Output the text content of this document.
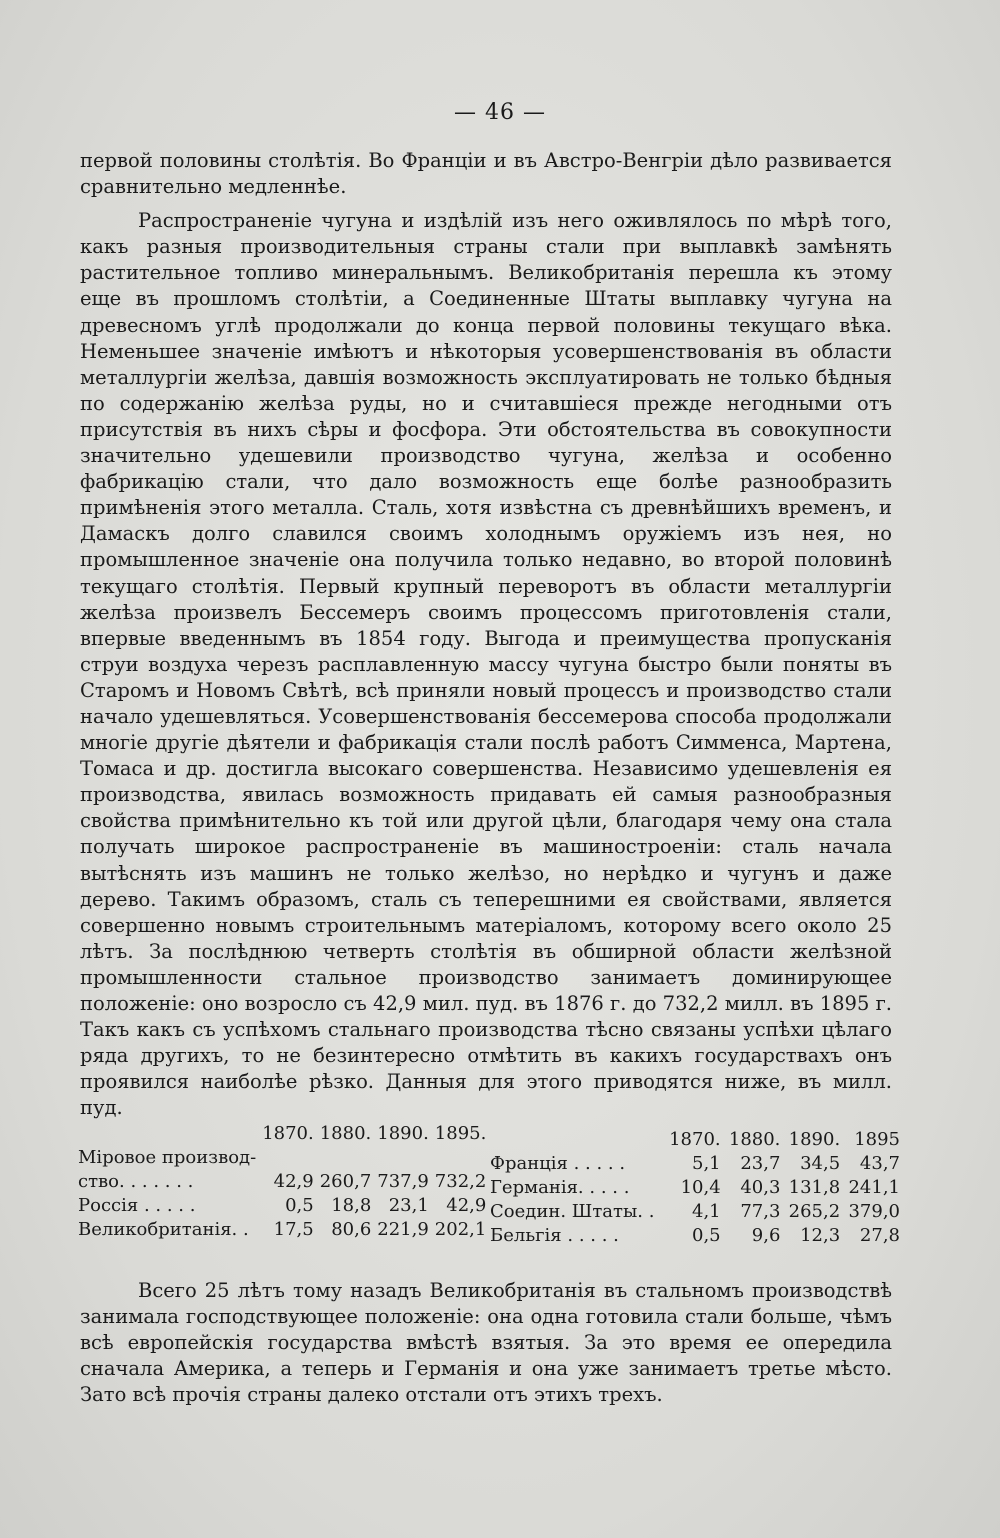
— 46 —

первой половины столѣтія. Во Франціи и въ Австро-Венгріи дѣло развивается сравнительно медленнѣе.

Распространеніе чугуна и издѣлій изъ него оживлялось по мѣрѣ того, какъ разныя производительныя страны стали при выплавкѣ замѣнять растительное топливо минеральнымъ. Великобританія перешла къ этому еще въ прошломъ столѣтіи, а Соединенные Штаты выплавку чугуна на древесномъ углѣ продолжали до конца первой половины текущаго вѣка. Неменьшее значеніе имѣютъ и нѣкоторыя усовершенствованія въ области металлургіи желѣза, давшія возможность эксплуатировать не только бѣдныя по содержанію желѣза руды, но и считавшіеся прежде негодными отъ присутствія въ нихъ сѣры и фосфора. Эти обстоятельства въ совокупности значительно удешевили производство чугуна, желѣза и особенно фабрикацію стали, что дало возможность еще болѣе разнообразить примѣненія этого металла. Сталь, хотя извѣстна съ древнѣйшихъ временъ, и Дамаскъ долго славился своимъ холоднымъ оружіемъ изъ нея, но промышленное значеніе она получила только недавно, во второй половинѣ текущаго столѣтія. Первый крупный переворотъ въ области металлургіи желѣза произвелъ Бессемеръ своимъ процессомъ приготовленія стали, впервые введеннымъ въ 1854 году. Выгода и преимущества пропусканія струи воздуха черезъ расплавленную массу чугуна быстро были поняты въ Старомъ и Новомъ Свѣтѣ, всѣ приняли новый процессъ и производство стали начало удешевляться. Усовершенствованія бессемерова способа продолжали многіе другіе дѣятели и фабрикація стали послѣ работъ Симменса, Мартена, Томаса и др. достигла высокаго совершенства. Независимо удешевленія ея производства, явилась возможность придавать ей самыя разнообразныя свойства примѣнительно къ той или другой цѣли, благодаря чему она стала получать широкое распространеніе въ машиностроеніи: сталь начала вытѣснять изъ машинъ не только желѣзо, но нерѣдко и чугунъ и даже дерево. Такимъ образомъ, сталь съ теперешними ея свойствами, является совершенно новымъ строительнымъ матеріаломъ, которому всего около 25 лѣтъ. За послѣднюю четверть столѣтія въ обширной области желѣзной промышленности стальное производство занимаетъ доминирующее положеніе: оно возросло съ 42,9 мил. пуд. въ 1876 г. до 732,2 милл. въ 1895 г. Такъ какъ съ успѣхомъ стальнаго производства тѣсно связаны успѣхи цѣлаго ряда другихъ, то не безинтересно отмѣтить въ какихъ государствахъ онъ проявился наиболѣе рѣзко. Данныя для этого приводятся ниже, въ милл. пуд.

	1870.	1880.	1890.	1895.
Міровое производ-				
ство. . . . . . .	42,9	260,7	737,9	732,2
Россія . . . . .	0,5	18,8	23,1	42,9
Великобританія. .	17,5	80,6	221,9	202,1
	1870.	1880.	1890.	1895
Франція . . . . .	5,1	23,7	34,5	43,7
Германія. . . . .	10,4	40,3	131,8	241,1
Соедин. Штаты. .	4,1	77,3	265,2	379,0
Бельгія . . . . .	0,5	9,6	12,3	27,8

Всего 25 лѣтъ тому назадъ Великобританія въ стальномъ производствѣ занимала господствующее положеніе: она одна готовила стали больше, чѣмъ всѣ европейскія государства вмѣстѣ взятыя. За это время ее опередила сначала Америка, а теперь и Германія и она уже занимаетъ третье мѣсто. Зато всѣ прочія страны далеко отстали отъ этихъ трехъ.
